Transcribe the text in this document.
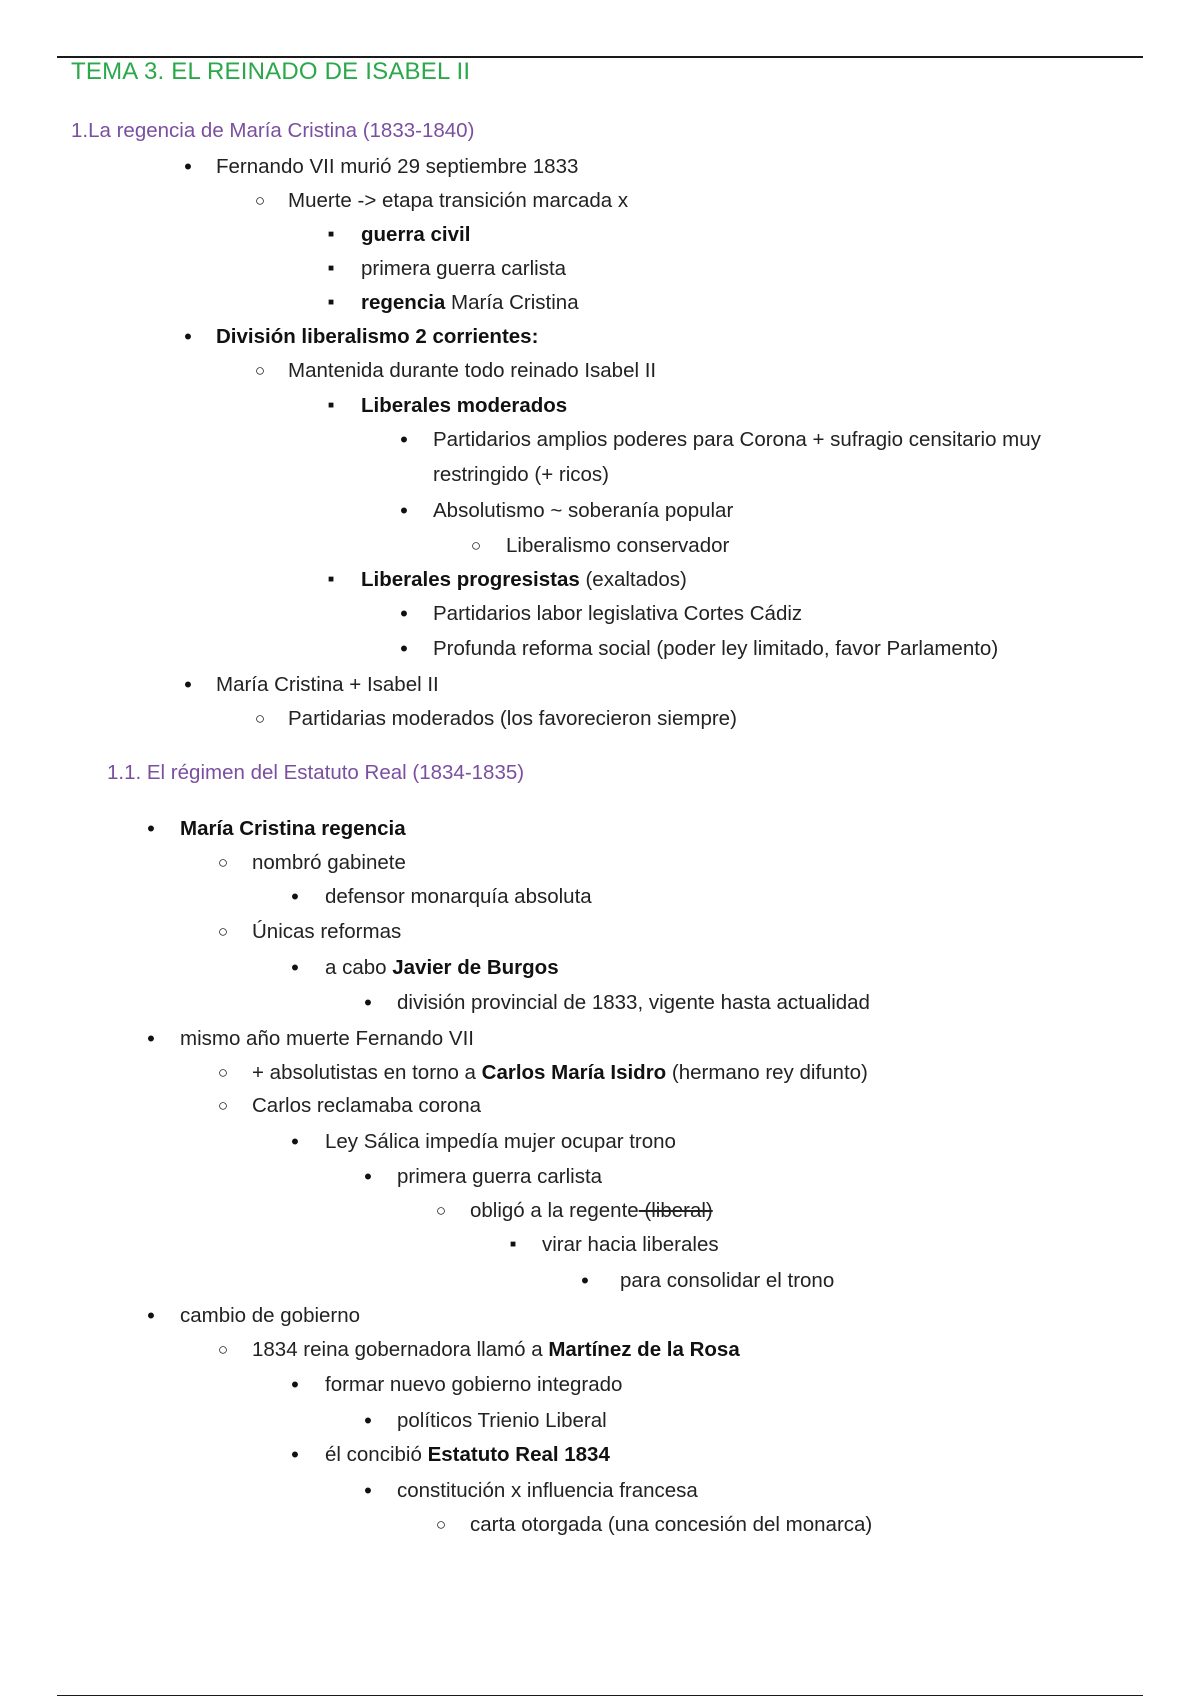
TEMA 3. EL REINADO DE ISABEL II
1.La regencia de María Cristina (1833-1840)
•	Fernando VII murió 29 septiembre 1833
○ Muerte -> etapa transición marcada x
■	guerra civil
■	primera guerra carlista
■	regencia María Cristina
•	División liberalismo 2 corrientes:
○ Mantenida durante todo reinado Isabel II
■	Liberales moderados
•	Partidarios amplios poderes para Corona + sufragio censitario muy
restringido (+ ricos)
•	Absolutismo ~ soberanía popular
○ Liberalismo conservador
■	Liberales progresistas (exaltados)
•	Partidarios labor legislativa Cortes Cádiz
•	Profunda reforma social (poder ley limitado, favor Parlamento)
•	María Cristina + Isabel II
○ Partidarias moderados (los favorecieron siempre)
1.1. El régimen del Estatuto Real (1834-1835)
•	María Cristina regencia
○ nombró gabinete
•	defensor monarquía absoluta
○ Únicas reformas
•	a cabo Javier de Burgos
•	división provincial de 1833, vigente hasta actualidad
•	mismo año muerte Fernando VII
○ + absolutistas en torno a Carlos María Isidro (hermano rey difunto)
○ Carlos reclamaba corona
•	Ley Sálica impedía mujer ocupar trono
•	primera guerra carlista
○ obligó a la regente (liberal)
■	virar hacia liberales
•	para consolidar el trono
•	cambio de gobierno
○ 1834 reina gobernadora llamó a Martínez de la Rosa
•	formar nuevo gobierno integrado
•	políticos Trienio Liberal
•	él concibió Estatuto Real 1834
•	constitución x influencia francesa
○ carta otorgada (una concesión del monarca)
